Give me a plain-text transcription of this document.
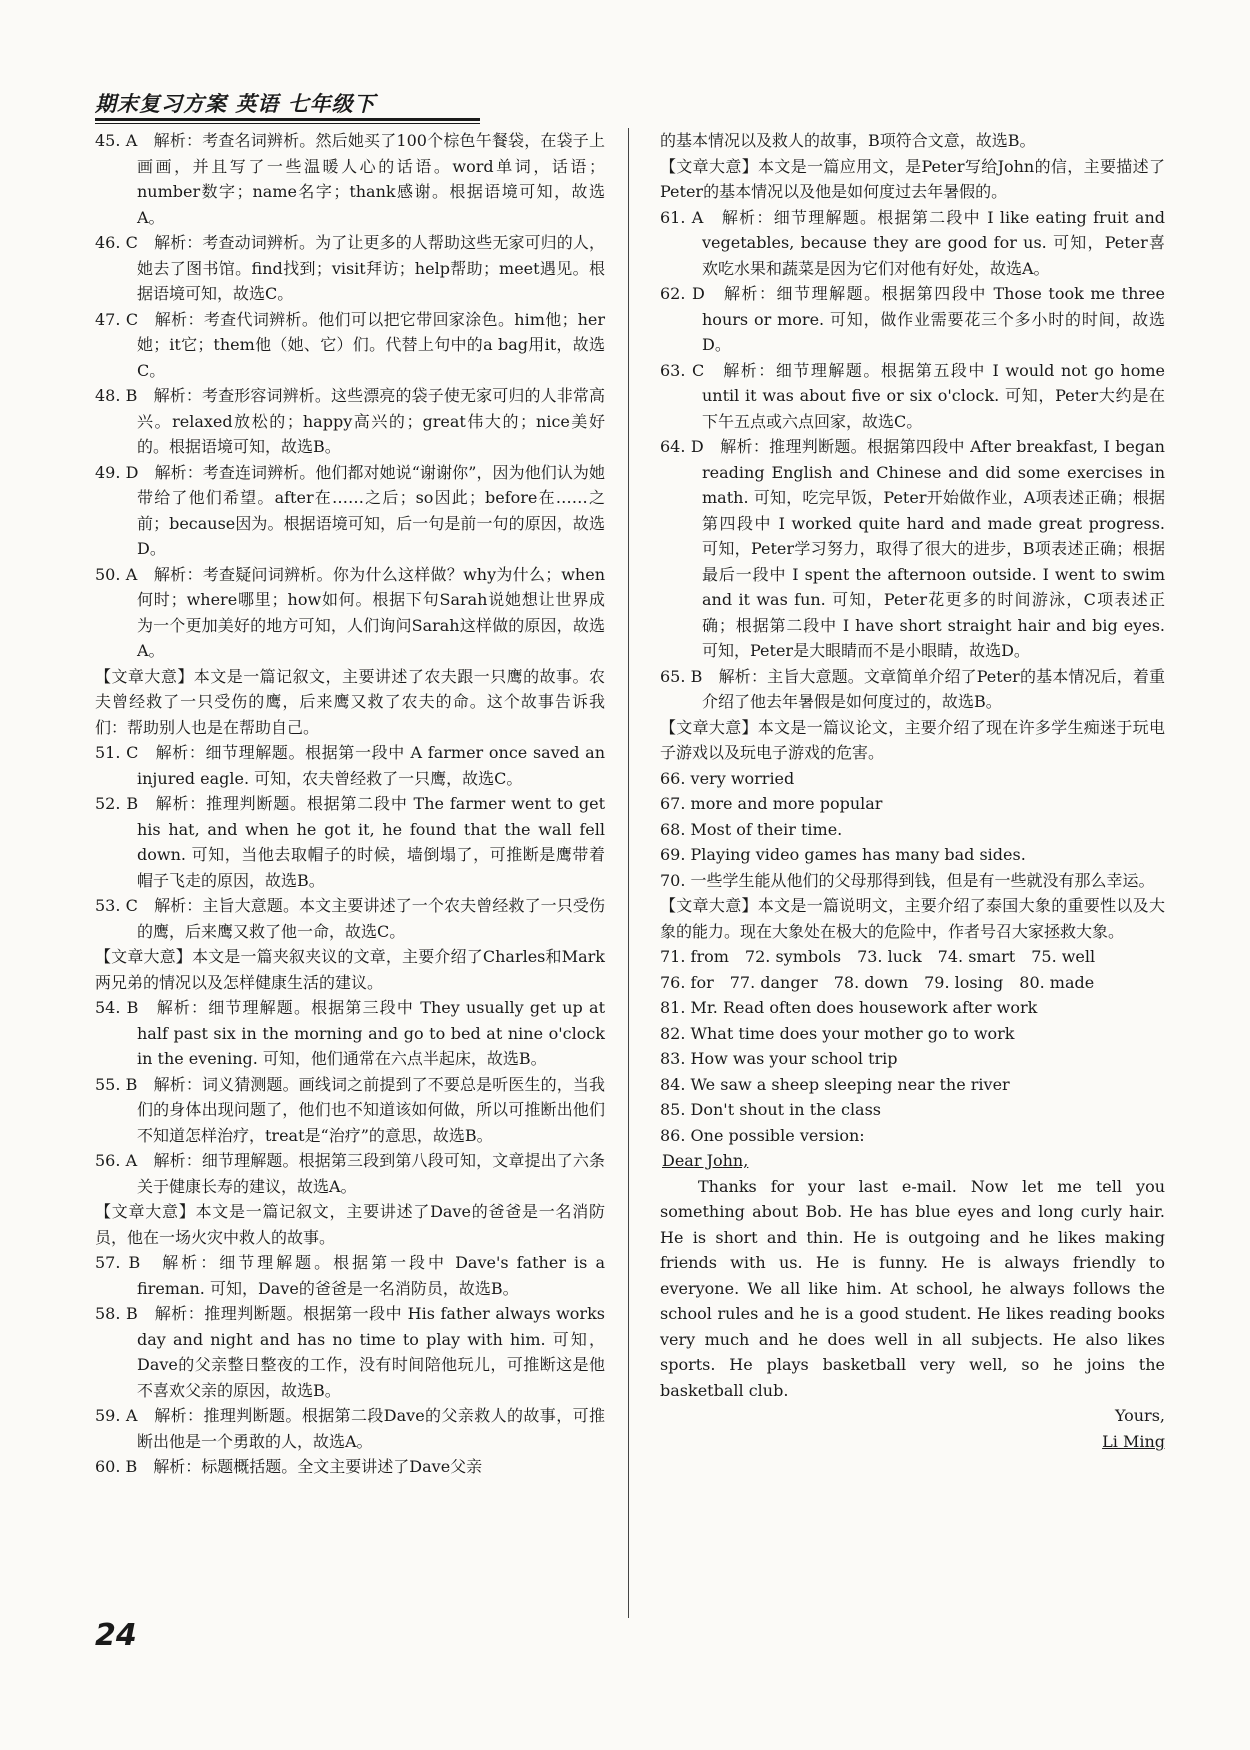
期末复习方案 英语 七年级下

45. A　解析：考查名词辨析。然后她买了100个棕色午餐袋，在袋子上画画，并且写了一些温暖人心的话语。word单词，话语；number数字；name名字；thank感谢。根据语境可知，故选A。

46. C　解析：考查动词辨析。为了让更多的人帮助这些无家可归的人，她去了图书馆。find找到；visit拜访；help帮助；meet遇见。根据语境可知，故选C。

47. C　解析：考查代词辨析。他们可以把它带回家涂色。him他；her她；it它；them他（她、它）们。代替上句中的a bag用it，故选C。

48. B　解析：考查形容词辨析。这些漂亮的袋子使无家可归的人非常高兴。relaxed放松的；happy高兴的；great伟大的；nice美好的。根据语境可知，故选B。

49. D　解析：考查连词辨析。他们都对她说“谢谢你”，因为他们认为她带给了他们希望。after在……之后；so因此；before在……之前；because因为。根据语境可知，后一句是前一句的原因，故选D。

50. A　解析：考查疑问词辨析。你为什么这样做？why为什么；when何时；where哪里；how如何。根据下句Sarah说她想让世界成为一个更加美好的地方可知，人们询问Sarah这样做的原因，故选A。

【文章大意】本文是一篇记叙文，主要讲述了农夫跟一只鹰的故事。农夫曾经救了一只受伤的鹰，后来鹰又救了农夫的命。这个故事告诉我们：帮助别人也是在帮助自己。

51. C　解析：细节理解题。根据第一段中 A farmer once saved an injured eagle. 可知，农夫曾经救了一只鹰，故选C。

52. B　解析：推理判断题。根据第二段中 The farmer went to get his hat, and when he got it, he found that the wall fell down. 可知，当他去取帽子的时候，墙倒塌了，可推断是鹰带着帽子飞走的原因，故选B。

53. C　解析：主旨大意题。本文主要讲述了一个农夫曾经救了一只受伤的鹰，后来鹰又救了他一命，故选C。

【文章大意】本文是一篇夹叙夹议的文章，主要介绍了Charles和Mark两兄弟的情况以及怎样健康生活的建议。

54. B　解析：细节理解题。根据第三段中 They usually get up at half past six in the morning and go to bed at nine o'clock in the evening. 可知，他们通常在六点半起床，故选B。

55. B　解析：词义猜测题。画线词之前提到了不要总是听医生的，当我们的身体出现问题了，他们也不知道该如何做，所以可推断出他们不知道怎样治疗，treat是“治疗”的意思，故选B。

56. A　解析：细节理解题。根据第三段到第八段可知，文章提出了六条关于健康长寿的建议，故选A。

【文章大意】本文是一篇记叙文，主要讲述了Dave的爸爸是一名消防员，他在一场火灾中救人的故事。

57. B　解析：细节理解题。根据第一段中 Dave's father is a fireman. 可知，Dave的爸爸是一名消防员，故选B。

58. B　解析：推理判断题。根据第一段中 His father always works day and night and has no time to play with him. 可知，Dave的父亲整日整夜的工作，没有时间陪他玩儿，可推断这是他不喜欢父亲的原因，故选B。

59. A　解析：推理判断题。根据第二段Dave的父亲救人的故事，可推断出他是一个勇敢的人，故选A。

60. B　解析：标题概括题。全文主要讲述了Dave父亲

的基本情况以及救人的故事，B项符合文意，故选B。

【文章大意】本文是一篇应用文，是Peter写给John的信，主要描述了Peter的基本情况以及他是如何度过去年暑假的。

61. A　解析：细节理解题。根据第二段中 I like eating fruit and vegetables, because they are good for us. 可知，Peter喜欢吃水果和蔬菜是因为它们对他有好处，故选A。

62. D　解析：细节理解题。根据第四段中 Those took me three hours or more. 可知，做作业需要花三个多小时的时间，故选D。

63. C　解析：细节理解题。根据第五段中 I would not go home until it was about five or six o'clock. 可知，Peter大约是在下午五点或六点回家，故选C。

64. D　解析：推理判断题。根据第四段中 After breakfast, I began reading English and Chinese and did some exercises in math. 可知，吃完早饭，Peter开始做作业，A项表述正确；根据第四段中 I worked quite hard and made great progress. 可知，Peter学习努力，取得了很大的进步，B项表述正确；根据最后一段中 I spent the afternoon outside. I went to swim and it was fun. 可知，Peter花更多的时间游泳，C项表述正确；根据第二段中 I have short straight hair and big eyes. 可知，Peter是大眼睛而不是小眼睛，故选D。

65. B　解析：主旨大意题。文章简单介绍了Peter的基本情况后，着重介绍了他去年暑假是如何度过的，故选B。

【文章大意】本文是一篇议论文，主要介绍了现在许多学生痴迷于玩电子游戏以及玩电子游戏的危害。

66. very worried

67. more and more popular

68. Most of their time.

69. Playing video games has many bad sides.

70. 一些学生能从他们的父母那得到钱，但是有一些就没有那么幸运。

【文章大意】本文是一篇说明文，主要介绍了泰国大象的重要性以及大象的能力。现在大象处在极大的危险中，作者号召大家拯救大象。

71. from　72. symbols　73. luck　74. smart　75. well

76. for　77. danger　78. down　79. losing　80. made

81. Mr. Read often does housework after work

82. What time does your mother go to work

83. How was your school trip

84. We saw a sheep sleeping near the river

85. Don't shout in the class

86. One possible version:

Dear John,

Thanks for your last e-mail. Now let me tell you something about Bob. He has blue eyes and long curly hair. He is short and thin. He is outgoing and he likes making friends with us. He is funny. He is always friendly to everyone. We all like him. At school, he always follows the school rules and he is a good student. He likes reading books very much and he does well in all subjects. He also likes sports. He plays basketball very well, so he joins the basketball club.

Yours,

Li Ming

24
